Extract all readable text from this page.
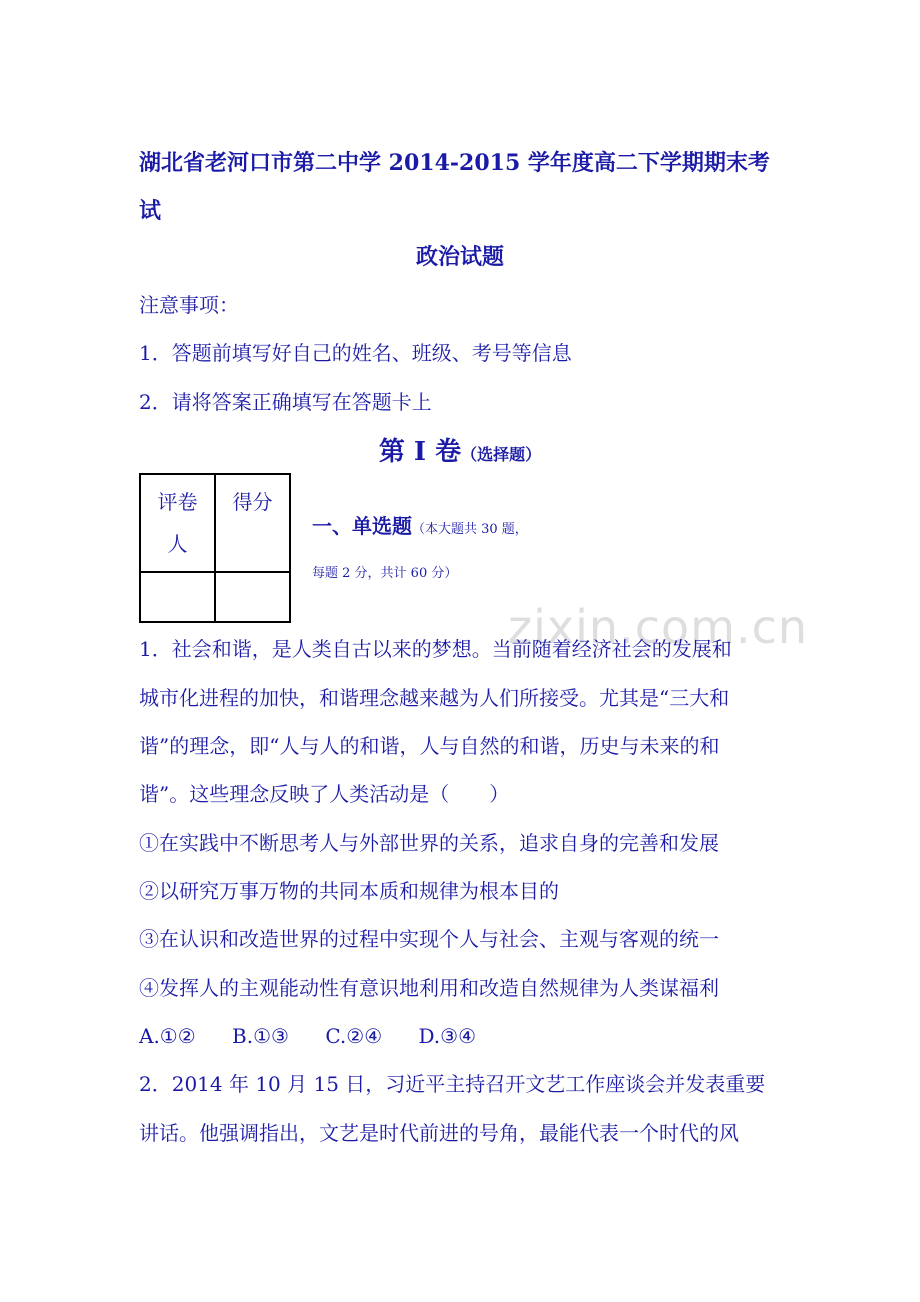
湖北省老河口市第二中学 2014-2015 学年度高二下学期期末考
试
政治试题
注意事项：
1．答题前填写好自己的姓名、班级、考号等信息
2．请将答案正确填写在答题卡上
第 I 卷（选择题）
评卷
人
得分
一、单选题（本大题共 30 题，
每题 2 分，共计 60 分）
zixin.com.cn
1．社会和谐，是人类自古以来的梦想。当前随着经济社会的发展和
城市化进程的加快，和谐理念越来越为人们所接受。尤其是“三大和
谐”的理念，即“人与人的和谐，人与自然的和谐，历史与未来的和
谐”。这些理念反映了人类活动是（　　）
①在实践中不断思考人与外部世界的关系，追求自身的完善和发展
②以研究万事万物的共同本质和规律为根本目的
③在认识和改造世界的过程中实现个人与社会、主观与客观的统一
④发挥人的主观能动性有意识地利用和改造自然规律为人类谋福利
A.①② B.①③ C.②④ D.③④
2．2014 年 10 月 15 日，习近平主持召开文艺工作座谈会并发表重要
讲话。他强调指出，文艺是时代前进的号角，最能代表一个时代的风
